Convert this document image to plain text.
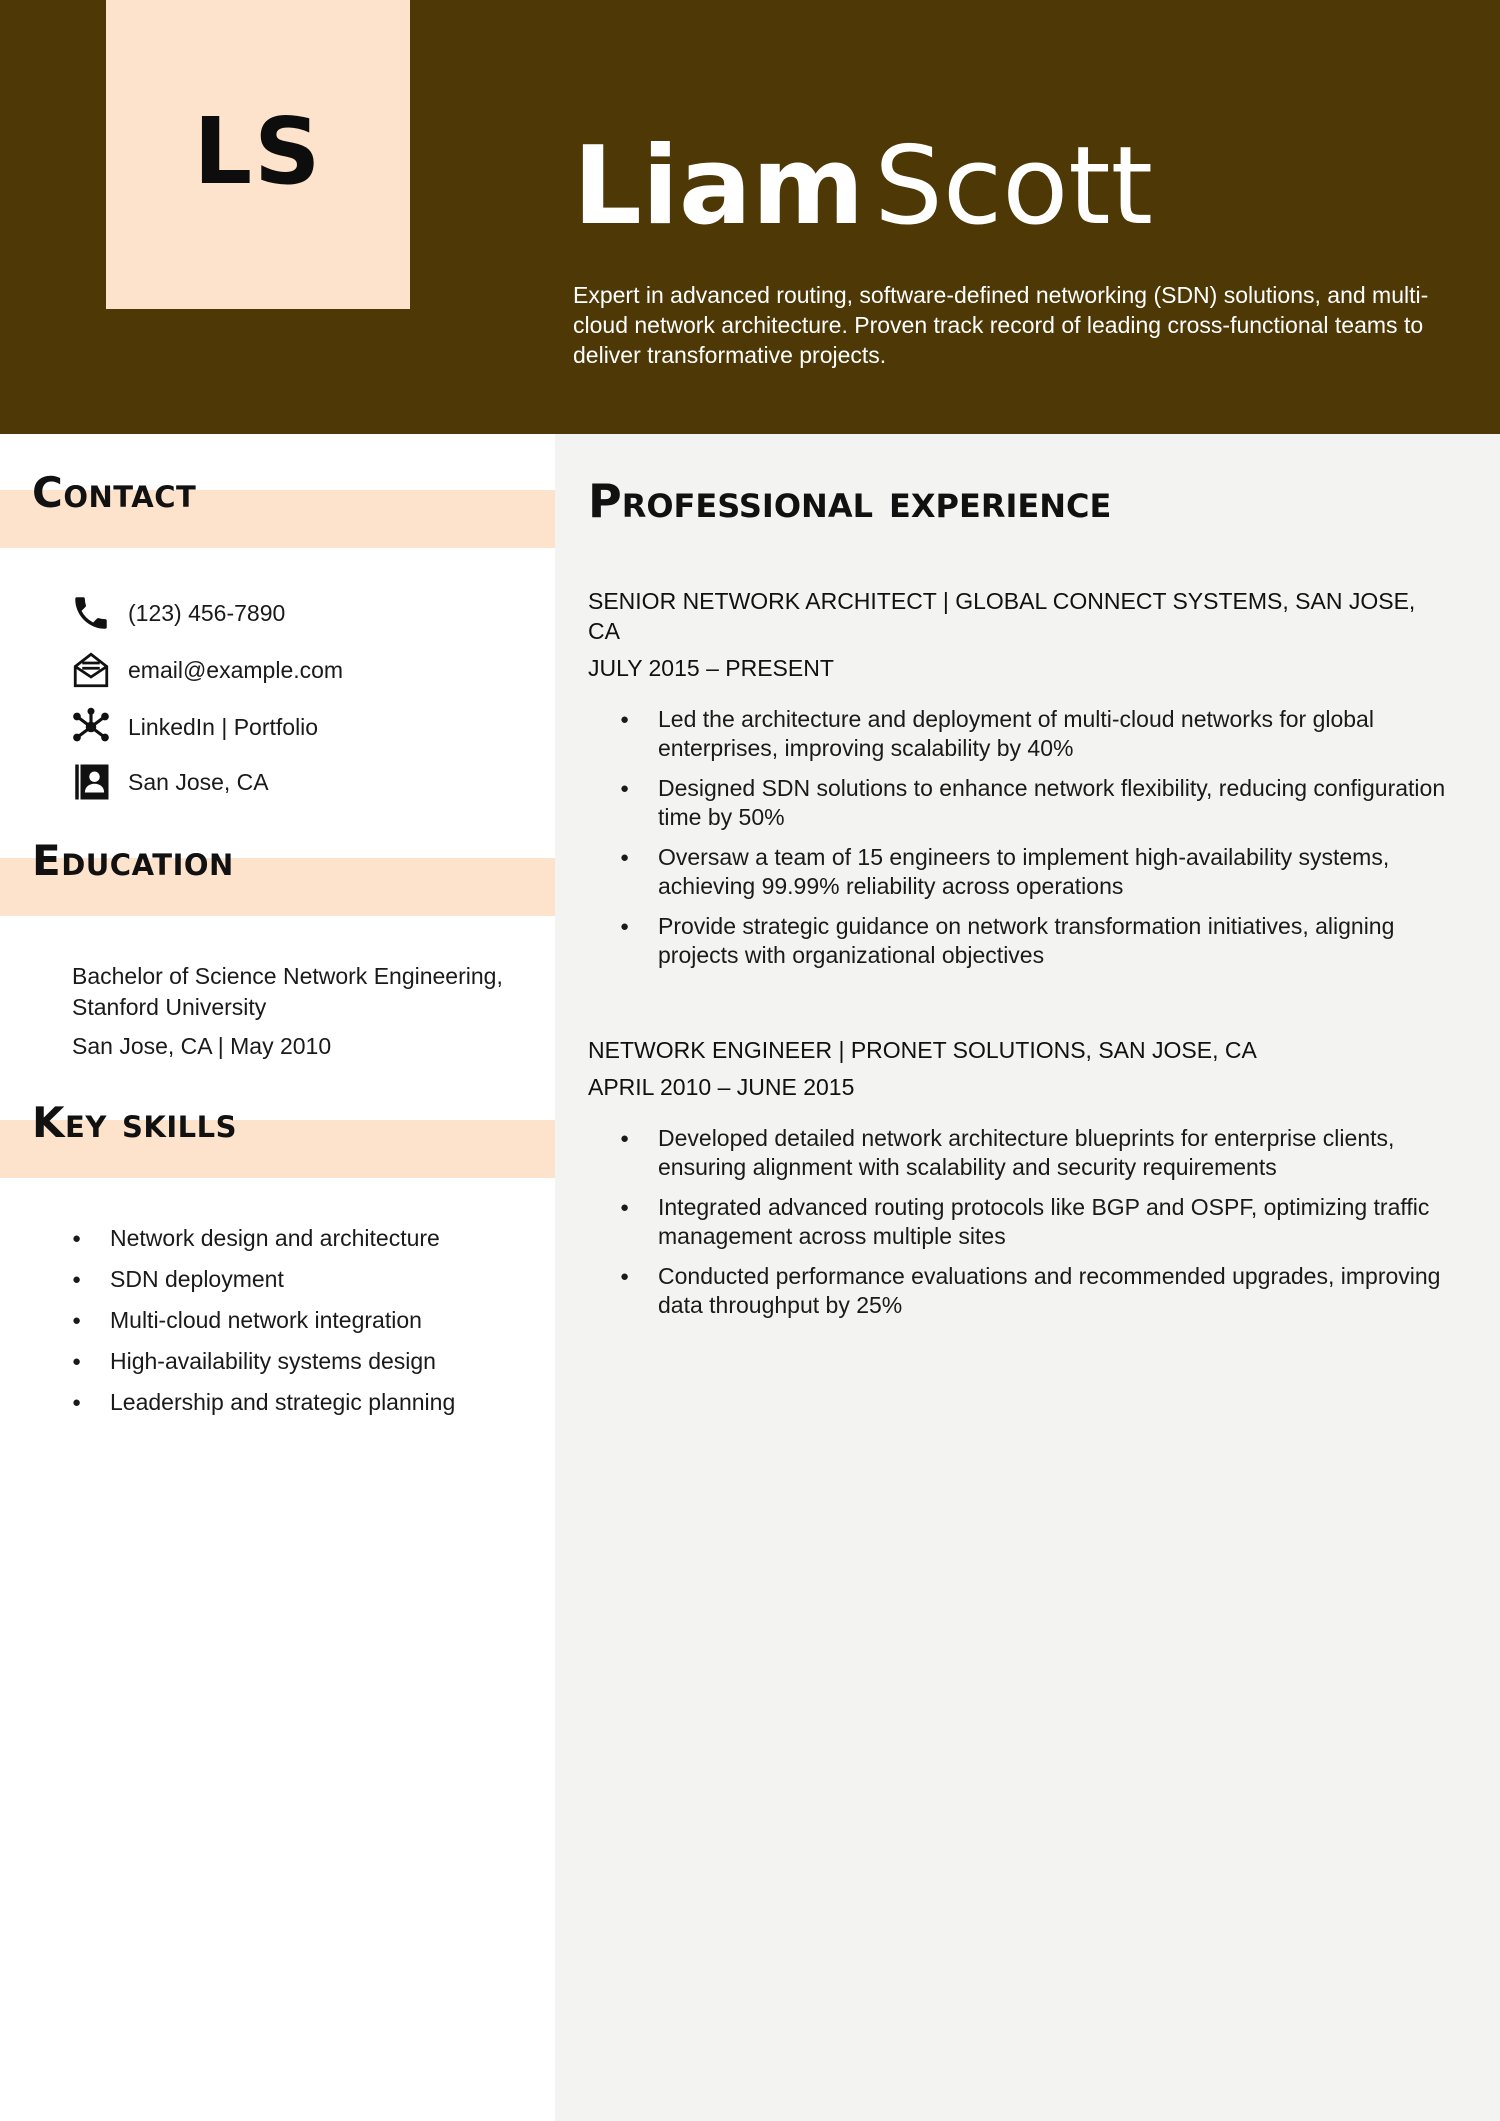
LS LiamScott
Expert in advanced routing, software-defined networking (SDN) solutions, and multi-cloud network architecture. Proven track record of leading cross-functional teams to deliver transformative projects.
Contact
(123) 456-7890
email@example.com
LinkedIn | Portfolio
San Jose, CA
Education
Bachelor of Science Network Engineering, Stanford University
San Jose, CA | May 2010
Key skills
● Network design and architecture
● SDN deployment
● Multi-cloud network integration
● High-availability systems design
● Leadership and strategic planning
Professional experience
SENIOR NETWORK ARCHITECT | GLOBAL CONNECT SYSTEMS, SAN JOSE, CA
JULY 2015 – PRESENT
● Led the architecture and deployment of multi-cloud networks for global enterprises, improving scalability by 40%
● Designed SDN solutions to enhance network flexibility, reducing configuration time by 50%
● Oversaw a team of 15 engineers to implement high-availability systems, achieving 99.99% reliability across operations
● Provide strategic guidance on network transformation initiatives, aligning projects with organizational objectives
NETWORK ENGINEER | PRONET SOLUTIONS, SAN JOSE, CA
APRIL 2010 – JUNE 2015
● Developed detailed network architecture blueprints for enterprise clients, ensuring alignment with scalability and security requirements
● Integrated advanced routing protocols like BGP and OSPF, optimizing traffic management across multiple sites
● Conducted performance evaluations and recommended upgrades, improving data throughput by 25%
